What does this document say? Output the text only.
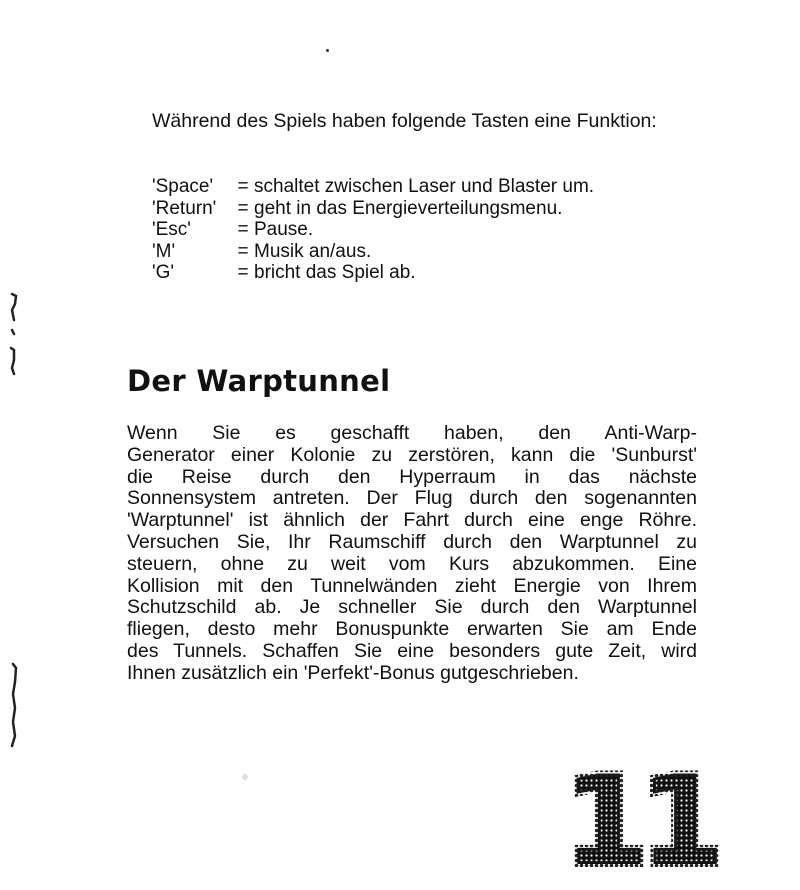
Während des Spiels haben folgende Tasten eine Funktion:
'Space'	= schaltet zwischen Laser und Blaster um.
'Return'	= geht in das Energieverteilungsmenu.
'Esc'	= Pause.
'M'	= Musik an/aus.
'G'	= bricht das Spiel ab.
Der Warptunnel

Wenn Sie es geschafft haben, den Anti-Warp-
Generator einer Kolonie zu zerstören, kann die 'Sunburst'
die Reise durch den Hyperraum in das nächste
Sonnensystem antreten. Der Flug durch den sogenannten
'Warptunnel' ist ähnlich der Fahrt durch eine enge Röhre.
Versuchen Sie, Ihr Raumschiff durch den Warptunnel zu
steuern, ohne zu weit vom Kurs abzukommen. Eine
Kollision mit den Tunnelwänden zieht Energie von Ihrem
Schutzschild ab. Je schneller Sie durch den Warptunnel
fliegen, desto mehr Bonuspunkte erwarten Sie am Ende
des Tunnels. Schaffen Sie eine besonders gute Zeit, wird
Ihnen zusätzlich ein 'Perfekt'-Bonus gutgeschrieben.

11
